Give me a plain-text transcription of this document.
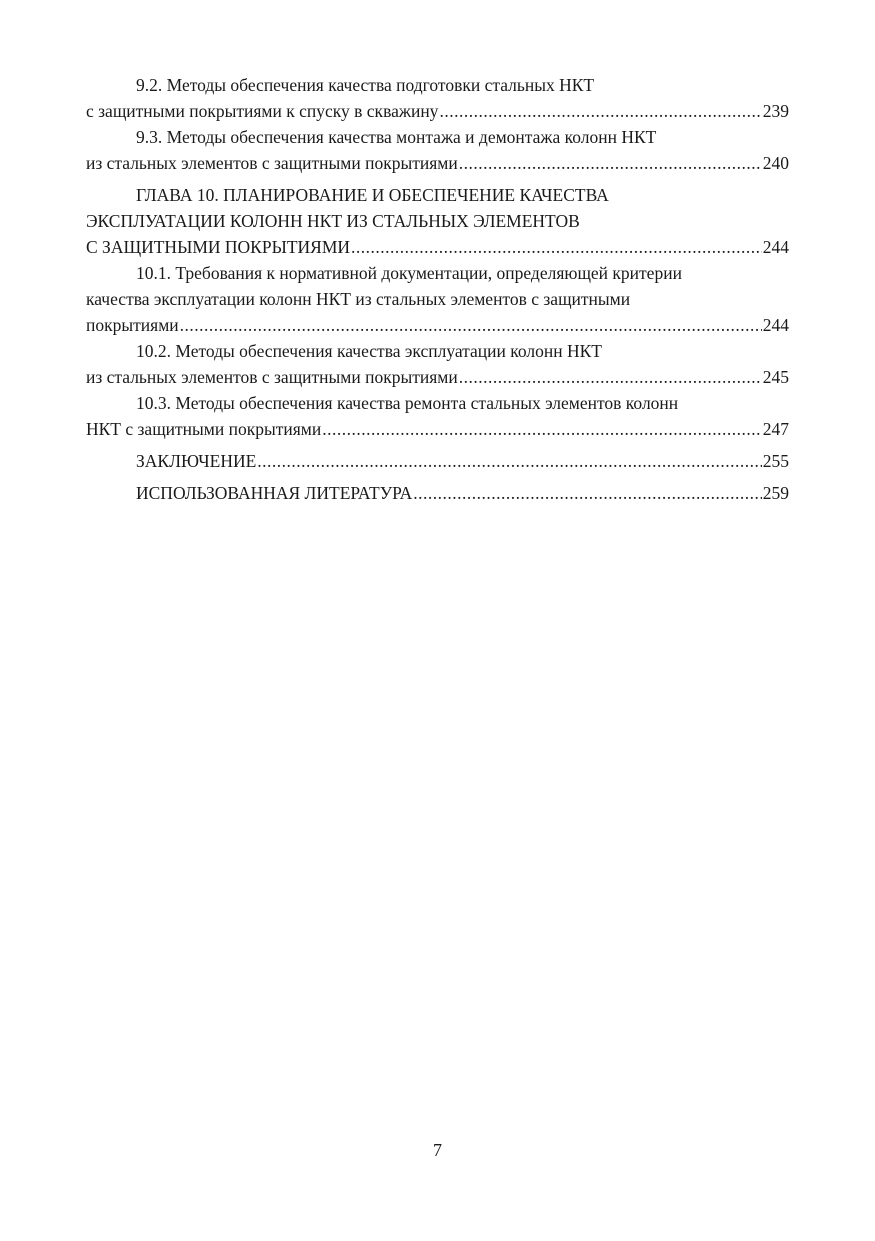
9.2. Методы обеспечения качества подготовки стальных НКТ
с защитными покрытиями к спуску в скважину .....	239
9.3. Методы обеспечения качества монтажа и демонтажа колонн НКТ
из стальных элементов с защитными покрытиями .....	240
ГЛАВА 10. ПЛАНИРОВАНИЕ И ОБЕСПЕЧЕНИЕ КАЧЕСТВА
ЭКСПЛУАТАЦИИ КОЛОНН НКТ ИЗ СТАЛЬНЫХ ЭЛЕМЕНТОВ
С ЗАЩИТНЫМИ ПОКРЫТИЯМИ .....	244
10.1. Требования к нормативной документации, определяющей критерии
качества эксплуатации колонн НКТ из стальных элементов с защитными
покрытиями .....	244
10.2. Методы обеспечения качества эксплуатации колонн НКТ
из стальных элементов с защитными покрытиями .....	245
10.3. Методы обеспечения качества ремонта стальных элементов колонн
НКТ с защитными покрытиями .....	247
ЗАКЛЮЧЕНИЕ .....	255
ИСПОЛЬЗОВАННАЯ ЛИТЕРАТУРА .....	259
7
